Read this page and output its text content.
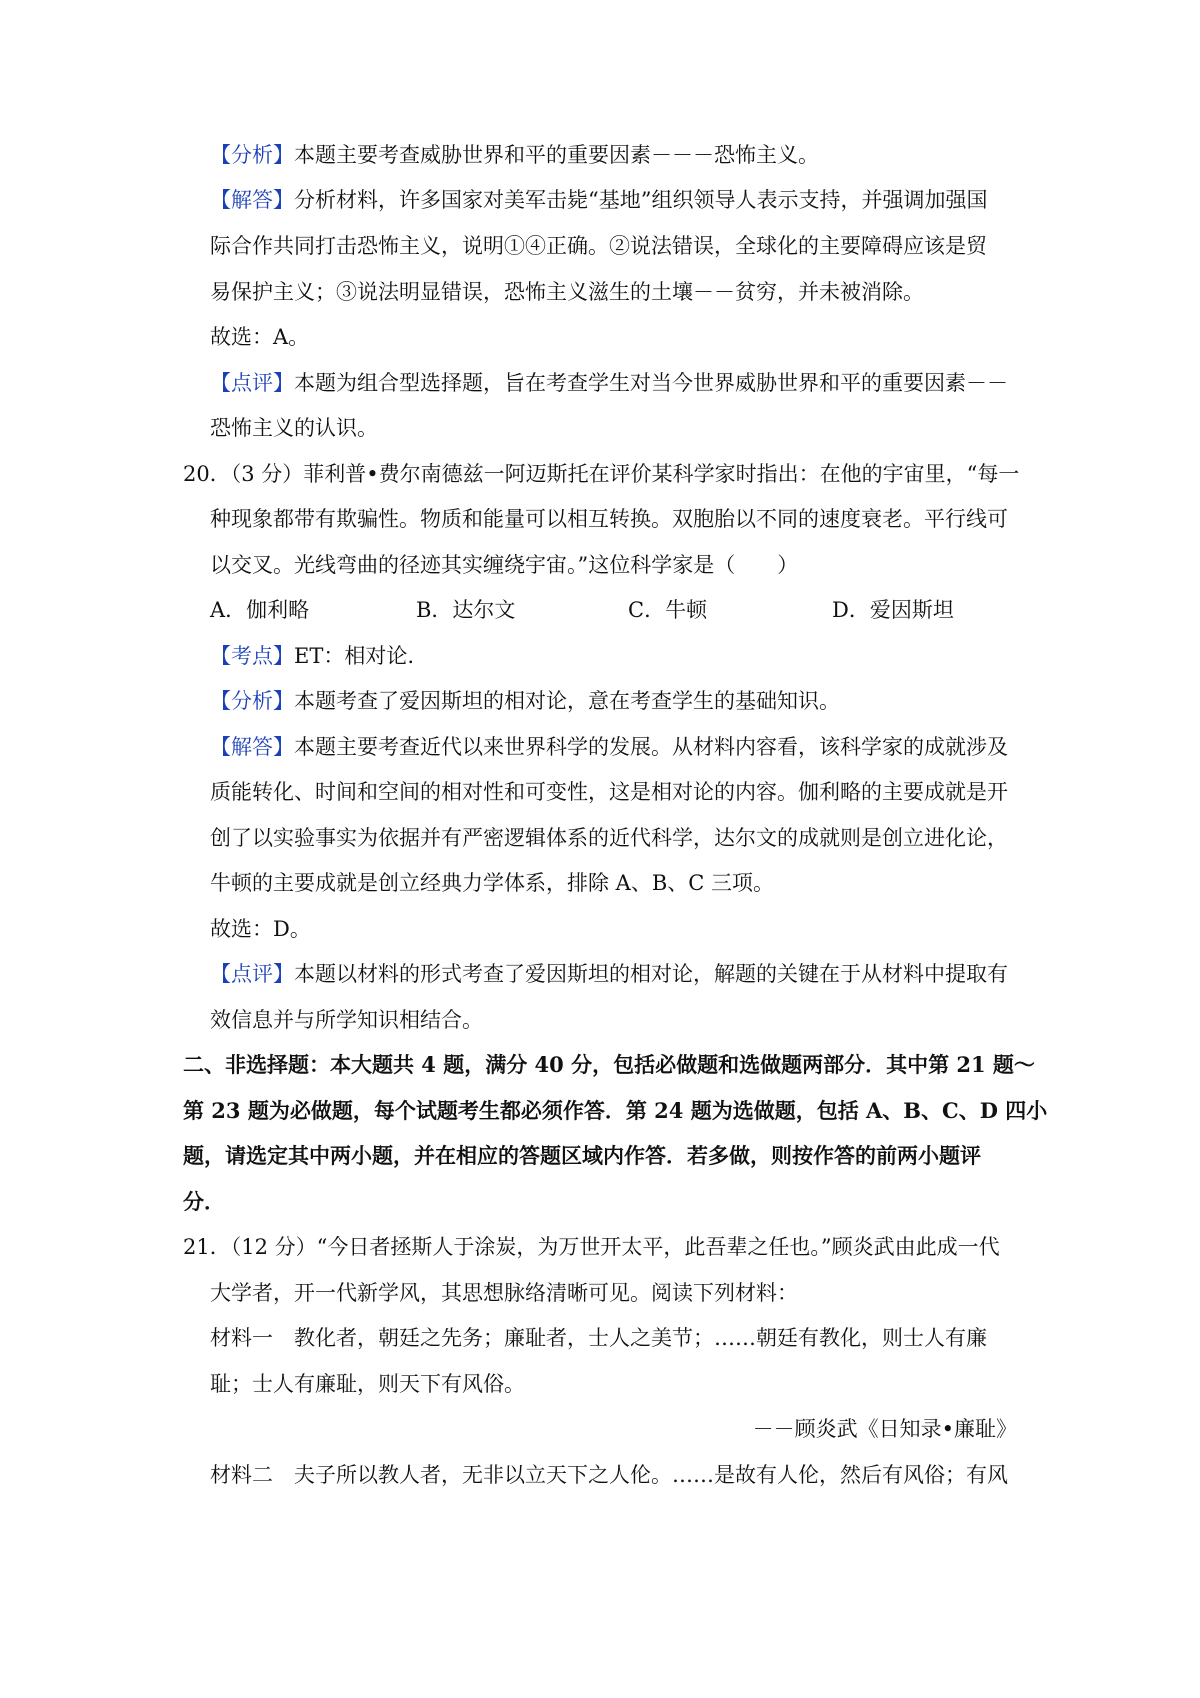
【分析】本题主要考查威胁世界和平的重要因素－－－恐怖主义。
【解答】分析材料，许多国家对美军击毙“基地”组织领导人表示支持，并强调加强国
际合作共同打击恐怖主义，说明①④正确。②说法错误，全球化的主要障碍应该是贸
易保护主义；③说法明显错误，恐怖主义滋生的土壤－－贫穷，并未被消除。
故选：A。
【点评】本题为组合型选择题，旨在考查学生对当今世界威胁世界和平的重要因素－－
恐怖主义的认识。
20．（3 分）菲利普•费尔南德兹一阿迈斯托在评价某科学家时指出：在他的宇宙里，“每一
种现象都带有欺骗性。物质和能量可以相互转换。双胞胎以不同的速度衰老。平行线可
以交叉。光线弯曲的径迹其实缠绕宇宙。”这位科学家是（　　）
A．伽利略	B．达尔文	C．牛顿	D．爱因斯坦
【考点】ET：相对论.
【分析】本题考查了爱因斯坦的相对论，意在考查学生的基础知识。
【解答】本题主要考查近代以来世界科学的发展。从材料内容看，该科学家的成就涉及
质能转化、时间和空间的相对性和可变性，这是相对论的内容。伽利略的主要成就是开
创了以实验事实为依据并有严密逻辑体系的近代科学，达尔文的成就则是创立进化论，
牛顿的主要成就是创立经典力学体系，排除 A、B、C 三项。
故选：D。
【点评】本题以材料的形式考查了爱因斯坦的相对论，解题的关键在于从材料中提取有
效信息并与所学知识相结合。
二、非选择题：本大题共 4 题，满分 40 分，包括必做题和选做题两部分．其中第 21 题～
第 23 题为必做题，每个试题考生都必须作答．第 24 题为选做题，包括 A、B、C、D 四小
题，请选定其中两小题，并在相应的答题区域内作答．若多做，则按作答的前两小题评
分．
21．（12 分）“今日者拯斯人于涂炭，为万世开太平，此吾辈之任也。”顾炎武由此成一代
大学者，开一代新学风，其思想脉络清晰可见。阅读下列材料：
材料一　教化者，朝廷之先务；廉耻者，士人之美节；……朝廷有教化，则士人有廉
耻；士人有廉耻，则天下有风俗。
－－顾炎武《日知录•廉耻》
材料二　夫子所以教人者，无非以立天下之人伦。……是故有人伦，然后有风俗；有风
